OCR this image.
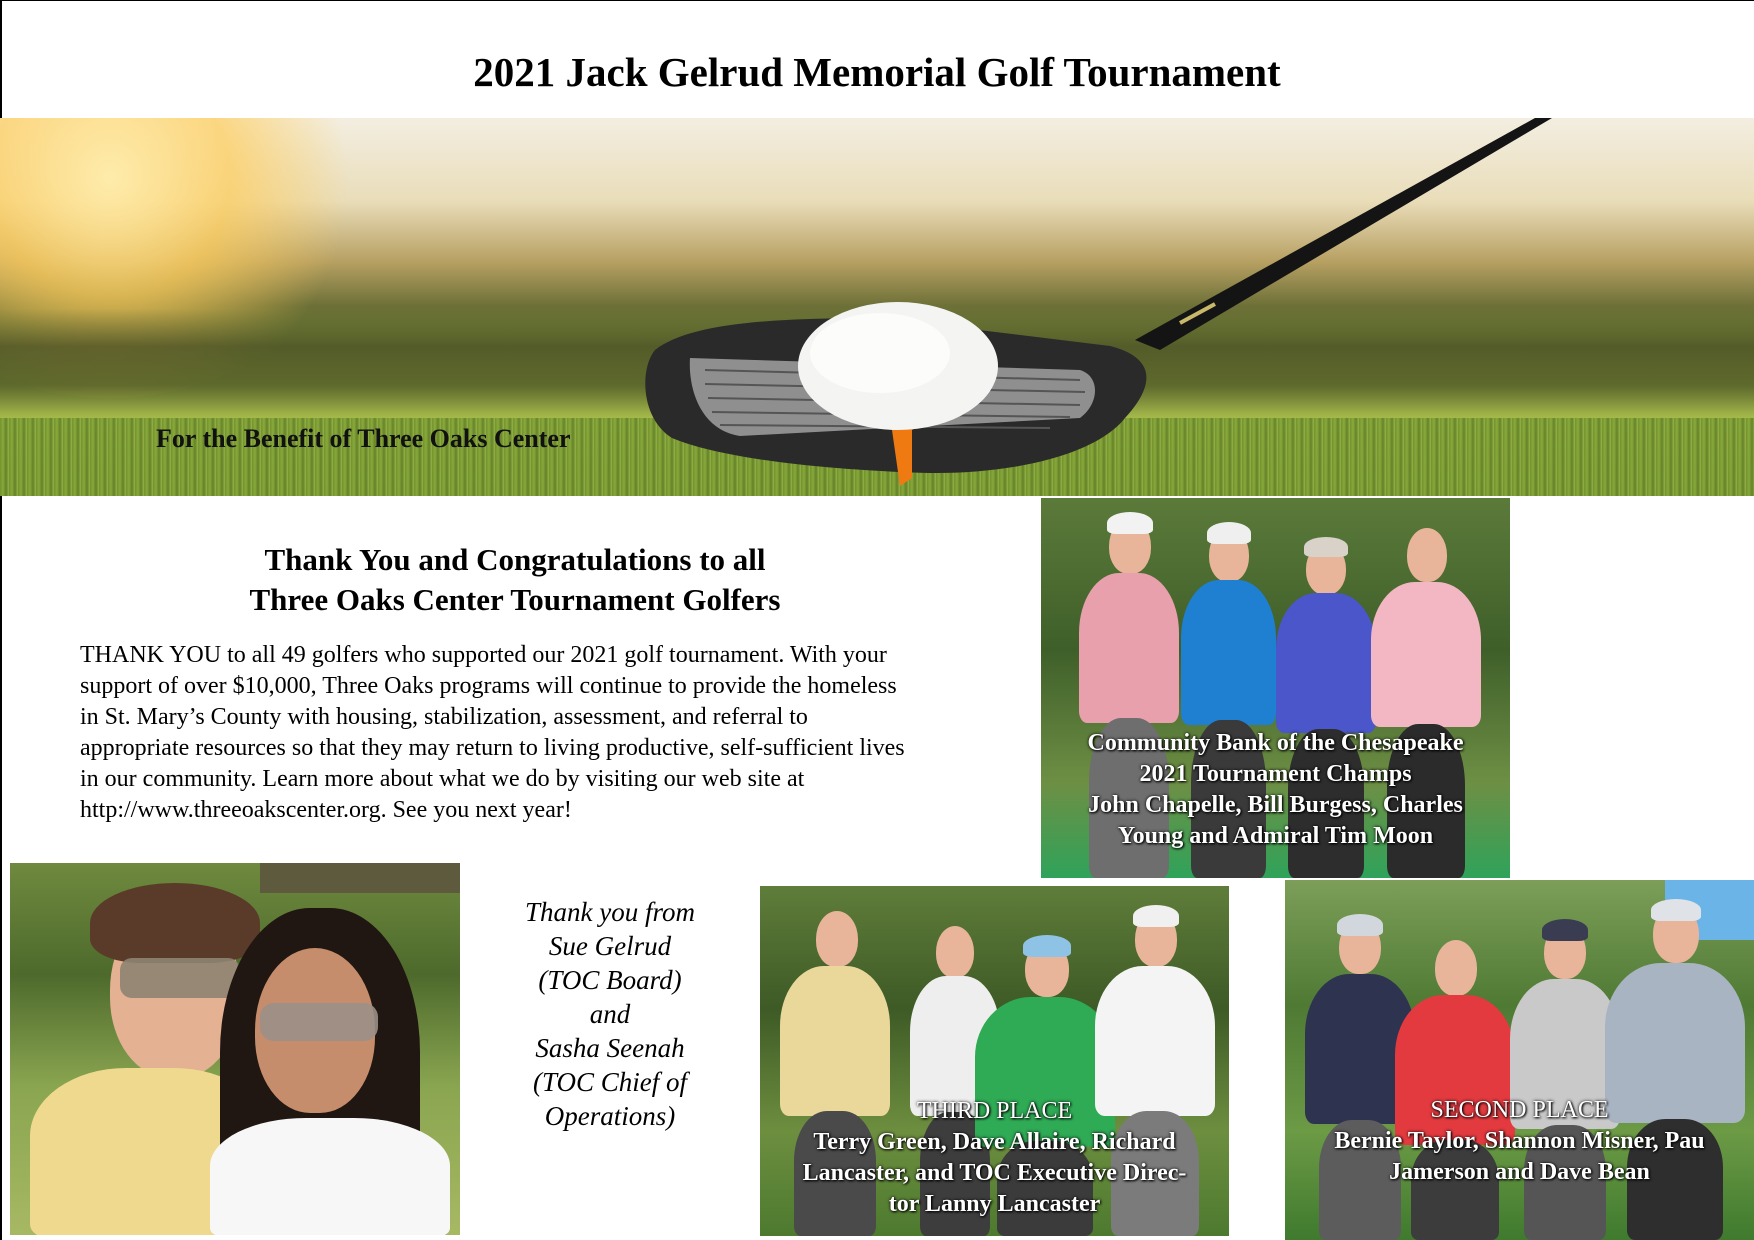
2021 Jack Gelrud Memorial Golf Tournament
For the Benefit of Three Oaks Center
Thank You and Congratulations to all
Three Oaks Center Tournament Golfers
THANK YOU to all 49 golfers who supported our 2021 golf tournament. With your
support of over $10,000, Three Oaks programs will continue to provide the homeless
in St. Mary’s County with housing, stabilization, assessment, and referral to
appropriate resources so that they may return to living productive, self-sufficient lives
in our community. Learn more about what we do by visiting our web site at
http://www.threeoakscenter.org. See you next year!
Community Bank of the Chesapeake
2021 Tournament Champs
John Chapelle, Bill Burgess, Charles
Young and Admiral Tim Moon
Thank you from
Sue Gelrud
(TOC Board)
and
Sasha Seenah
(TOC Chief of
Operations)	THIRD PLACE
Terry Green, Dave Allaire, Richard
Lancaster, and TOC Executive Direc-
tor Lanny Lancaster
SECOND PLACE
Bernie Taylor, Shannon Misner, Pau
Jamerson and Dave Bean
